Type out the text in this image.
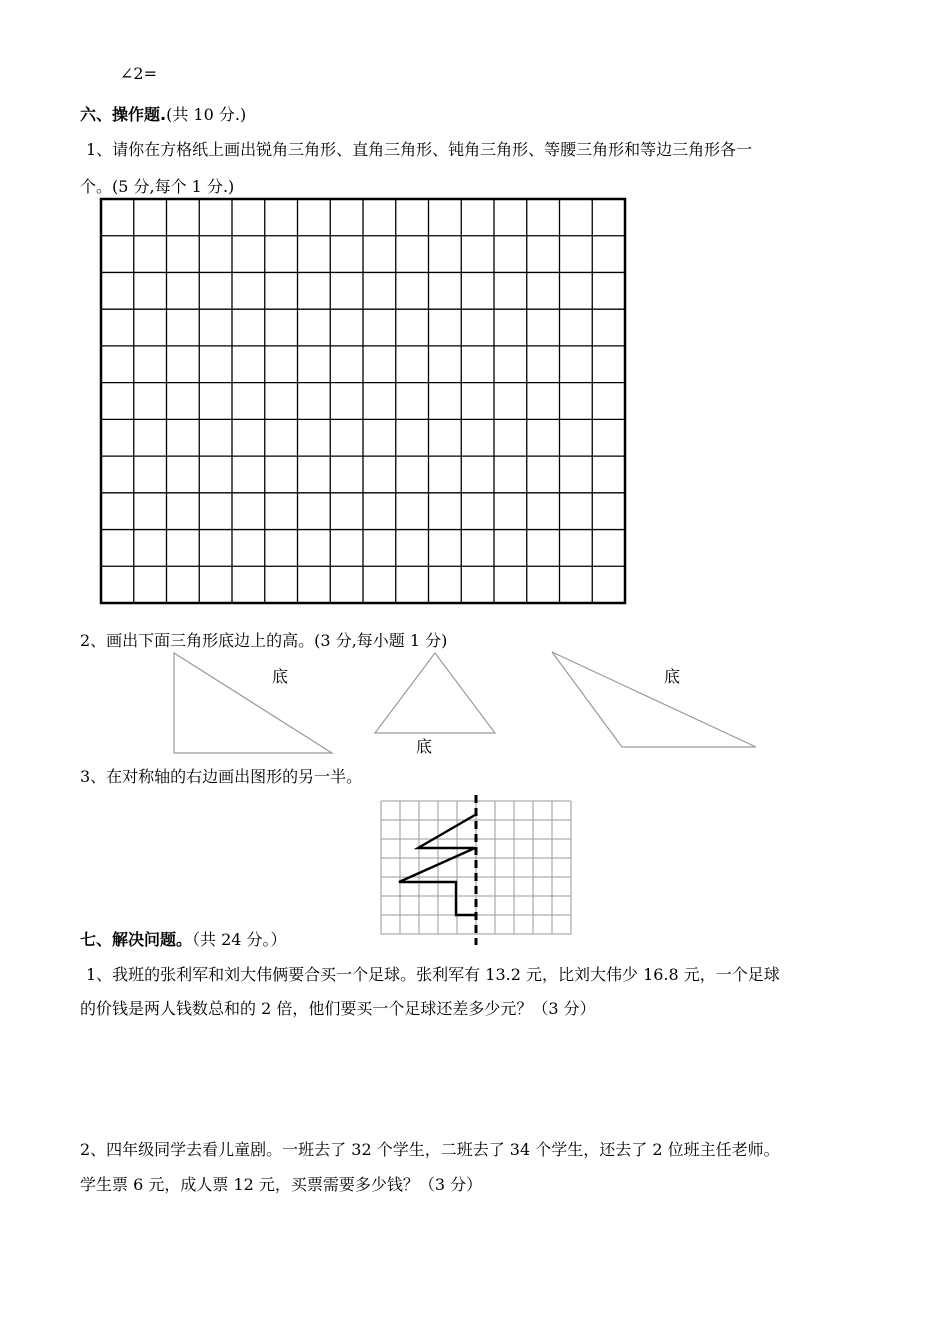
∠2=
六、操作题.(共 10 分.)
1、请你在方格纸上画出锐角三角形、直角三角形、钝角三角形、等腰三角形和等边三角形各一
个。(5 分,每个 1 分.)
2、画出下面三角形底边上的高。(3 分,每小题 1 分)
底
底
底
3、在对称轴的右边画出图形的另一半。
七、解决问题。（共 24 分。）
1、我班的张利军和刘大伟俩要合买一个足球。张利军有 13.2 元，比刘大伟少 16.8 元，一个足球
的价钱是两人钱数总和的 2 倍，他们要买一个足球还差多少元？（3 分）
2、四年级同学去看儿童剧。一班去了 32 个学生，二班去了 34 个学生，还去了 2 位班主任老师。
学生票 6 元，成人票 12 元，买票需要多少钱？（3 分）
